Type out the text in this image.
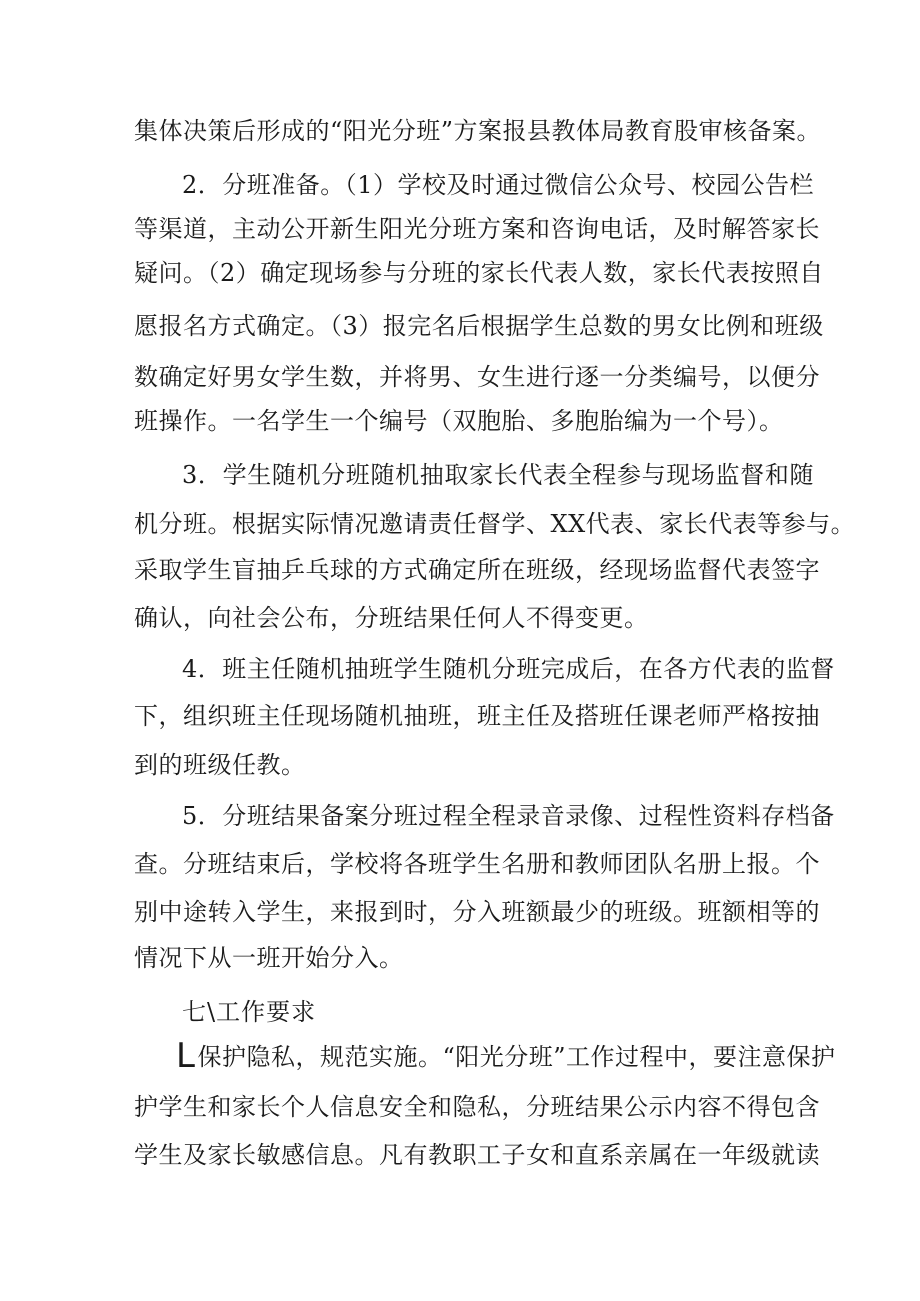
集体决策后形成的“阳光分班”方案报县教体局教育股审核备案。
2．分班准备。（1）学校及时通过微信公众号、校园公告栏
等渠道，主动公开新生阳光分班方案和咨询电话，及时解答家长
疑问。（2）确定现场参与分班的家长代表人数，家长代表按照自
愿报名方式确定。（3）报完名后根据学生总数的男女比例和班级
数确定好男女学生数，并将男、女生进行逐一分类编号，以便分
班操作。一名学生一个编号（双胞胎、多胞胎编为一个号）。
3．学生随机分班随机抽取家长代表全程参与现场监督和随
机分班。根据实际情况邀请责任督学、XX代表、家长代表等参与。
采取学生盲抽乒乓球的方式确定所在班级，经现场监督代表签字
确认，向社会公布，分班结果任何人不得变更。
4．班主任随机抽班学生随机分班完成后，在各方代表的监督
下，组织班主任现场随机抽班，班主任及搭班任课老师严格按抽
到的班级任教。
5．分班结果备案分班过程全程录音录像、过程性资料存档备
查。分班结束后，学校将各班学生名册和教师团队名册上报。个
别中途转入学生，来报到时，分入班额最少的班级。班额相等的
情况下从一班开始分入。
七\工作要求
L保护隐私，规范实施。“阳光分班”工作过程中，要注意保护
护学生和家长个人信息安全和隐私，分班结果公示内容不得包含
学生及家长敏感信息。凡有教职工子女和直系亲属在一年级就读
